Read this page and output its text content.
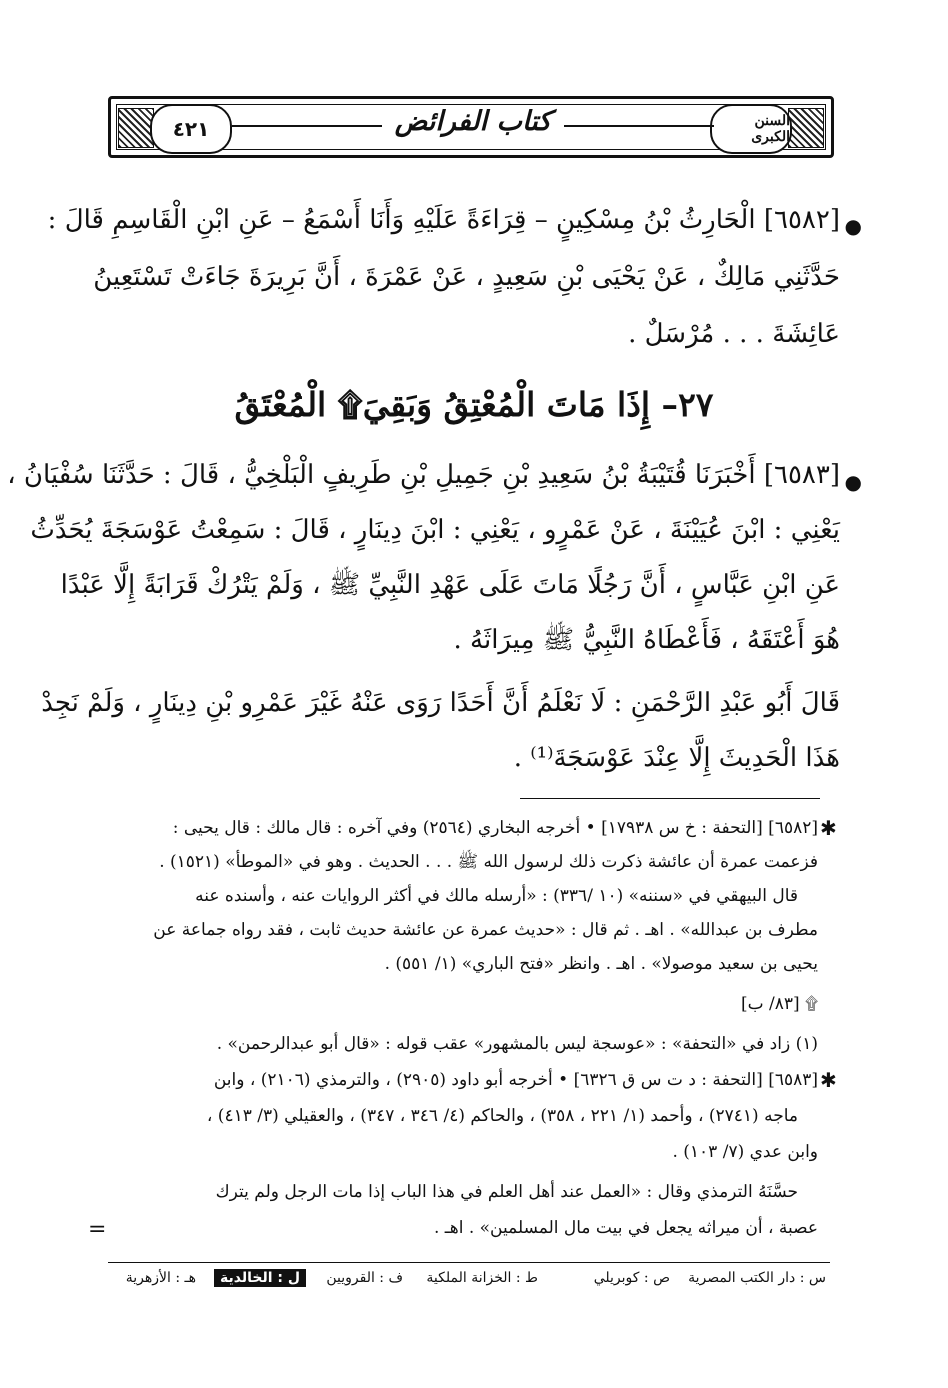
٤٢١	السنن الكبرى
كتاب الفرائض
●
[٦٥٨٢] الْحَارِثُ بْنُ مِسْكِينٍ – قِرَاءَةً عَلَيْهِ وَأَنَا أَسْمَعُ – عَنِ ابْنِ الْقَاسِمِ قَالَ :
حَدَّثَنِي مَالِكٌ ، عَنْ يَحْيَى بْنِ سَعِيدٍ ، عَنْ عَمْرَةَ ، أَنَّ بَرِيرَةَ جَاءَتْ تَسْتَعِينُ
عَائِشَةَ . . . مُرْسَلٌ .
٢٧– إِذَا مَاتَ الْمُعْتِقُ وَبَقِيَ۩ الْمُعْتَقُ
●
[٦٥٨٣] أَخْبَرَنَا قُتَيْبَةُ بْنُ سَعِيدِ بْنِ جَمِيلِ بْنِ طَرِيفٍ الْبَلْخِيُّ ، قَالَ : حَدَّثَنَا سُفْيَانُ ،
يَعْنِي : ابْنَ عُيَيْنَةَ ، عَنْ عَمْرٍو ، يَعْنِي : ابْنَ دِينَارٍ ، قَالَ : سَمِعْتُ عَوْسَجَةَ يُحَدِّثُ
عَنِ ابْنِ عَبَّاسٍ ، أَنَّ رَجُلًا مَاتَ عَلَى عَهْدِ النَّبِيِّ ﷺ ، وَلَمْ يَتْرُكْ قَرَابَةً إِلَّا عَبْدًا
هُوَ أَعْتَقَهُ ، فَأَعْطَاهُ النَّبِيُّ ﷺ مِيرَاثَهُ .
قَالَ أَبُو عَبْدِ الرَّحْمَنِ : لَا نَعْلَمُ أَنَّ أَحَدًا رَوَى عَنْهُ غَيْرَ عَمْرِو بْنِ دِينَارٍ ، وَلَمْ نَجِدْ
هَذَا الْحَدِيثَ إِلَّا عِنْدَ عَوْسَجَةَ⁽¹⁾ .
✱
[٦٥٨٢] [التحفة : خ س ١٧٩٣٨] • أخرجه البخاري (٢٥٦٤) وفي آخره : قال مالك : قال يحيى :
فزعمت عمرة أن عائشة ذكرت ذلك لرسول الله ﷺ . . . الحديث . وهو في «الموطأ» (١٥٢١) .
قال البيهقي في «سننه» (١٠ /٣٣٦) : «أرسله مالك في أكثر الروايات عنه ، وأسنده عنه
مطرف بن عبدالله» . اهـ . ثم قال : «حديث عمرة عن عائشة حديث ثابت ، فقد رواه جماعة عن
يحيى بن سعيد موصولا» . اهـ . وانظر «فتح الباري» (١/ ٥٥١) .
۩ [٨٣/ ب]
(١) زاد في «التحفة» : «عوسجة ليس بالمشهور» عقب قوله : «قال أبو عبدالرحمن» .
✱
[٦٥٨٣] [التحفة : د ت س ق ٦٣٢٦] • أخرجه أبو داود (٢٩٠٥) ، والترمذي (٢١٠٦) ، وابن
ماجه (٢٧٤١) ، وأحمد (١/ ٢٢١ ، ٣٥٨) ، والحاكم (٤/ ٣٤٦ ، ٣٤٧) ، والعقيلي (٣/ ٤١٣) ،
وابن عدي (٧/ ١٠٣) .
حسَّنَهُ الترمذي وقال : «العمل عند أهل العلم في هذا الباب إذا مات الرجل ولم يترك
عصبة ، أن ميراثه يجعل في بيت مال المسلمين» . اهـ .
=
س : دار الكتب المصرية
ص : كوبريلي
ط : الخزانة الملكية
ف : القرويين
ل : الخالدية
هـ : الأزهرية
